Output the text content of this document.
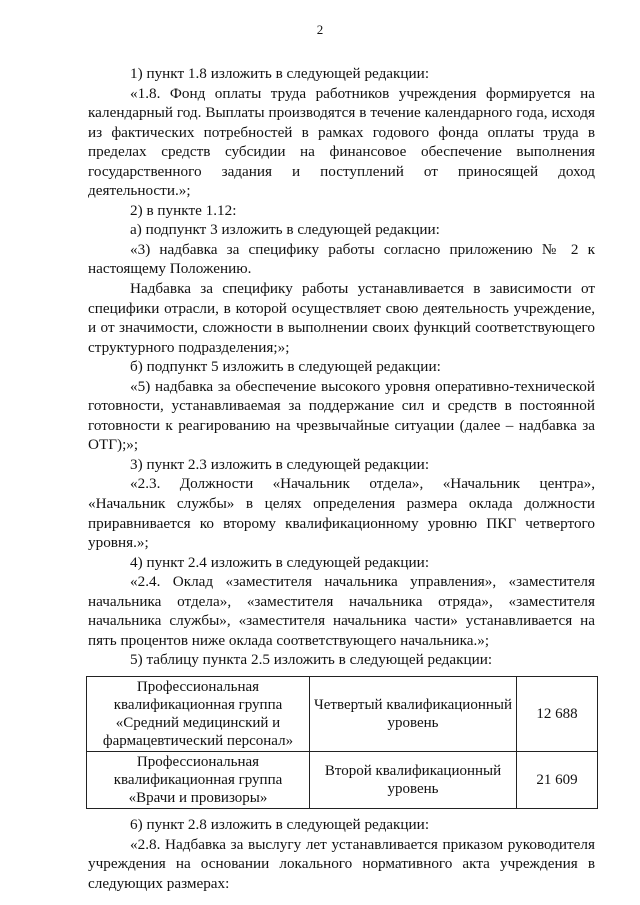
2

1) пункт 1.8 изложить в следующей редакции:

«1.8. Фонд оплаты труда работников учреждения формируется на календарный год. Выплаты производятся в течение календарного года, исходя из фактических потребностей в рамках годового фонда оплаты труда в пределах средств субсидии на финансовое обеспечение выполнения государственного задания и поступлений от приносящей доход деятельности.»;

2) в пункте 1.12:

а) подпункт 3 изложить в следующей редакции:

«3) надбавка за специфику работы согласно приложению № 2 к настоящему Положению.

Надбавка за специфику работы устанавливается в зависимости от специфики отрасли, в которой осуществляет свою деятельность учреждение, и от значимости, сложности в выполнении своих функций соответствующего структурного подразделения;»;

б) подпункт 5 изложить в следующей редакции:

«5) надбавка за обеспечение высокого уровня оперативно-технической готовности, устанавливаемая за поддержание сил и средств в постоянной готовности к реагированию на чрезвычайные ситуации (далее – надбавка за ОТГ);»;

3) пункт 2.3 изложить в следующей редакции:

«2.3. Должности «Начальник отдела», «Начальник центра», «Начальник службы» в целях определения размера оклада должности приравнивается ко второму квалификационному уровню ПКГ четвертого уровня.»;

4) пункт 2.4 изложить в следующей редакции:

«2.4. Оклад «заместителя начальника управления», «заместителя начальника отдела», «заместителя начальника отряда», «заместителя начальника службы», «заместителя начальника части» устанавливается на пять процентов ниже оклада соответствующего начальника.»;

5) таблицу пункта 2.5 изложить в следующей редакции:

Профессиональная квалификационная группа «Средний медицинский и фармацевтический персонал»	Четвертый квалификационный уровень	12 688
Профессиональная квалификационная группа «Врачи и провизоры»	Второй квалификационный уровень	21 609

6) пункт 2.8 изложить в следующей редакции:

«2.8. Надбавка за выслугу лет устанавливается приказом руководителя учреждения на основании локального нормативного акта учреждения в следующих размерах:
